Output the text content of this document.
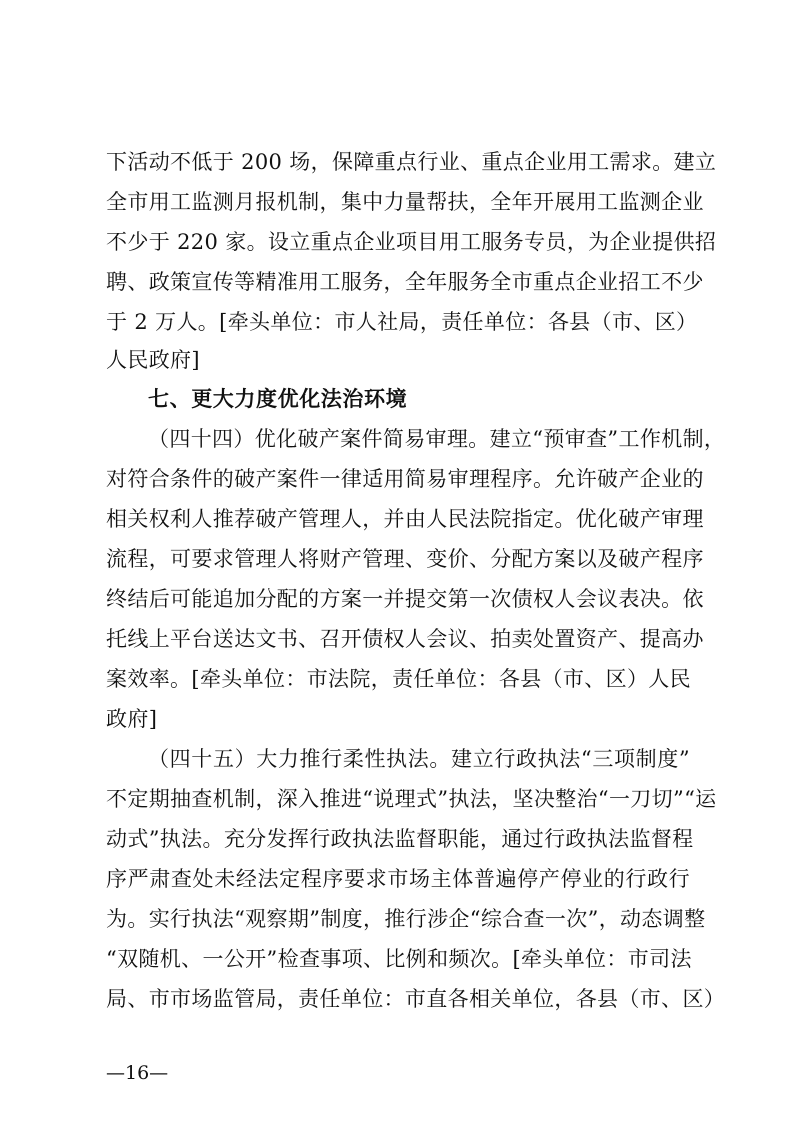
下活动不低于 200 场，保障重点行业、重点企业用工需求。建立
全市用工监测月报机制，集中力量帮扶，全年开展用工监测企业
不少于 220 家。设立重点企业项目用工服务专员，为企业提供招
聘、政策宣传等精准用工服务，全年服务全市重点企业招工不少
于 2 万人。[牵头单位：市人社局，责任单位：各县（市、区）
人民政府]
七、更大力度优化法治环境
（四十四）优化破产案件简易审理。建立“预审查”工作机制，
对符合条件的破产案件一律适用简易审理程序。允许破产企业的
相关权利人推荐破产管理人，并由人民法院指定。优化破产审理
流程，可要求管理人将财产管理、变价、分配方案以及破产程序
终结后可能追加分配的方案一并提交第一次债权人会议表决。依
托线上平台送达文书、召开债权人会议、拍卖处置资产、提高办
案效率。[牵头单位：市法院，责任单位：各县（市、区）人民
政府]
（四十五）大力推行柔性执法。建立行政执法“三项制度”
不定期抽查机制，深入推进“说理式”执法，坚决整治“一刀切”“运
动式”执法。充分发挥行政执法监督职能，通过行政执法监督程
序严肃查处未经法定程序要求市场主体普遍停产停业的行政行
为。实行执法“观察期”制度，推行涉企“综合查一次”，动态调整
“双随机、一公开”检查事项、比例和频次。[牵头单位：市司法
局、市市场监管局，责任单位：市直各相关单位，各县（市、区）
—16—
